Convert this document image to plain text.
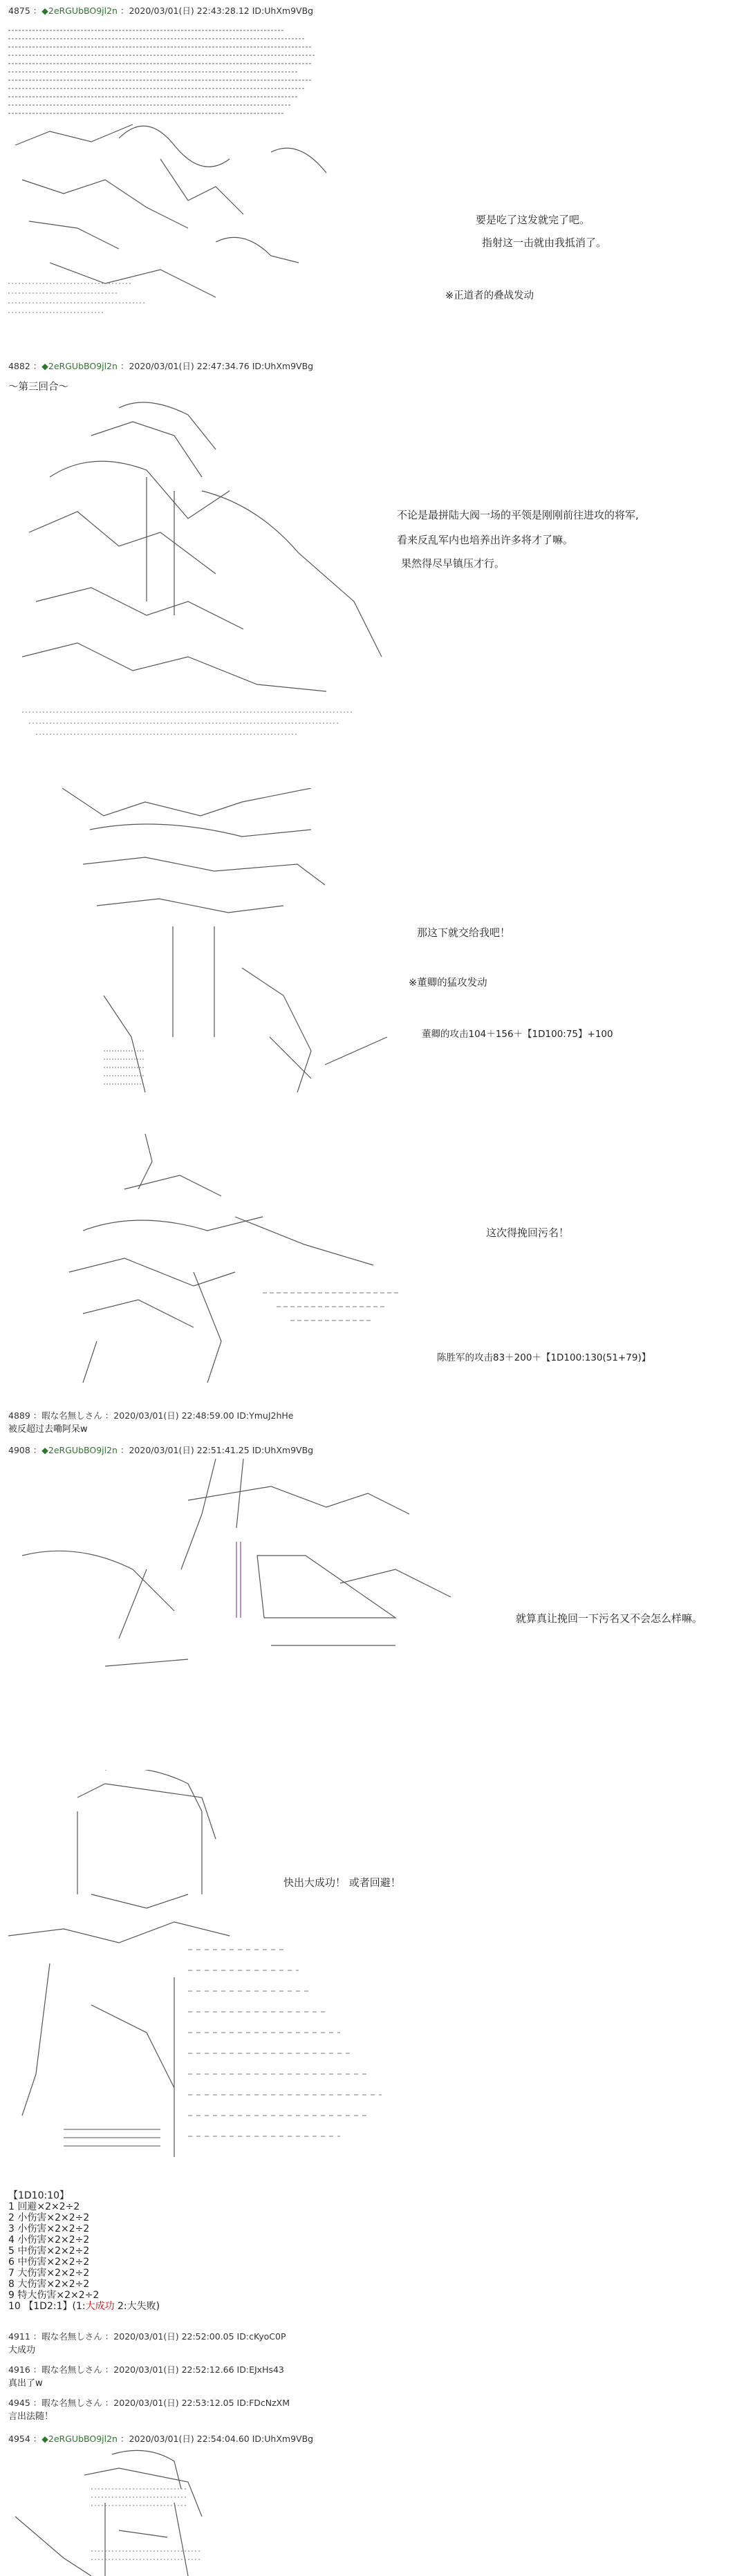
4875 ：◆2eRGUbBO9jl2n ：2020/03/01(日) 22:43:28.12 ID:UhXm9VBg
要是吃了这发就完了吧。
指射这一击就由我抵消了。
※正道者的叠战发动
4882 ：◆2eRGUbBO9jl2n ：2020/03/01(日) 22:47:34.76 ID:UhXm9VBg
〜第三回合〜
不论是最拼陆大阀一场的平领是刚刚前往进攻的将军,
看来反乱军内也培养出许多将才了嘛。
果然得尽早镇压才行。
那这下就交给我吧！
※董卿的猛攻发动
董卿的攻击104＋156＋【1D100:75】+100
这次得挽回污名！
陈胜军的攻击83＋200＋【1D100:130(51+79)】
4889 ：暇な名無しさん ：2020/03/01(日) 22:48:59.00 ID:YmuJ2hHe
被反超过去嘞阿呆w
4908 ：◆2eRGUbBO9jl2n ：2020/03/01(日) 22:51:41.25 ID:UhXm9VBg
就算真让挽回一下污名又不会怎么样嘛。
快出大成功！ 或者回避！
【1D10:10】
1 回避×2×2÷2
2 小伤害×2×2÷2
3 小伤害×2×2÷2
4 小伤害×2×2÷2
5 中伤害×2×2÷2
6 中伤害×2×2÷2
7 大伤害×2×2÷2
8 大伤害×2×2÷2
9 特大伤害×2×2÷2
10 【1D2:1】(1:大成功 2:大失败)
4911 ：暇な名無しさん ：2020/03/01(日) 22:52:00.05 ID:cKyoC0P
大成功
4916 ：暇な名無しさん ：2020/03/01(日) 22:52:12.66 ID:EJxHs43
真出了w
4945 ：暇な名無しさん ：2020/03/01(日) 22:53:12.05 ID:FDcNzXM
言出法随！
4954 ：◆2eRGUbBO9jl2n ：2020/03/01(日) 22:54:04.60 ID:UhXm9VBg
